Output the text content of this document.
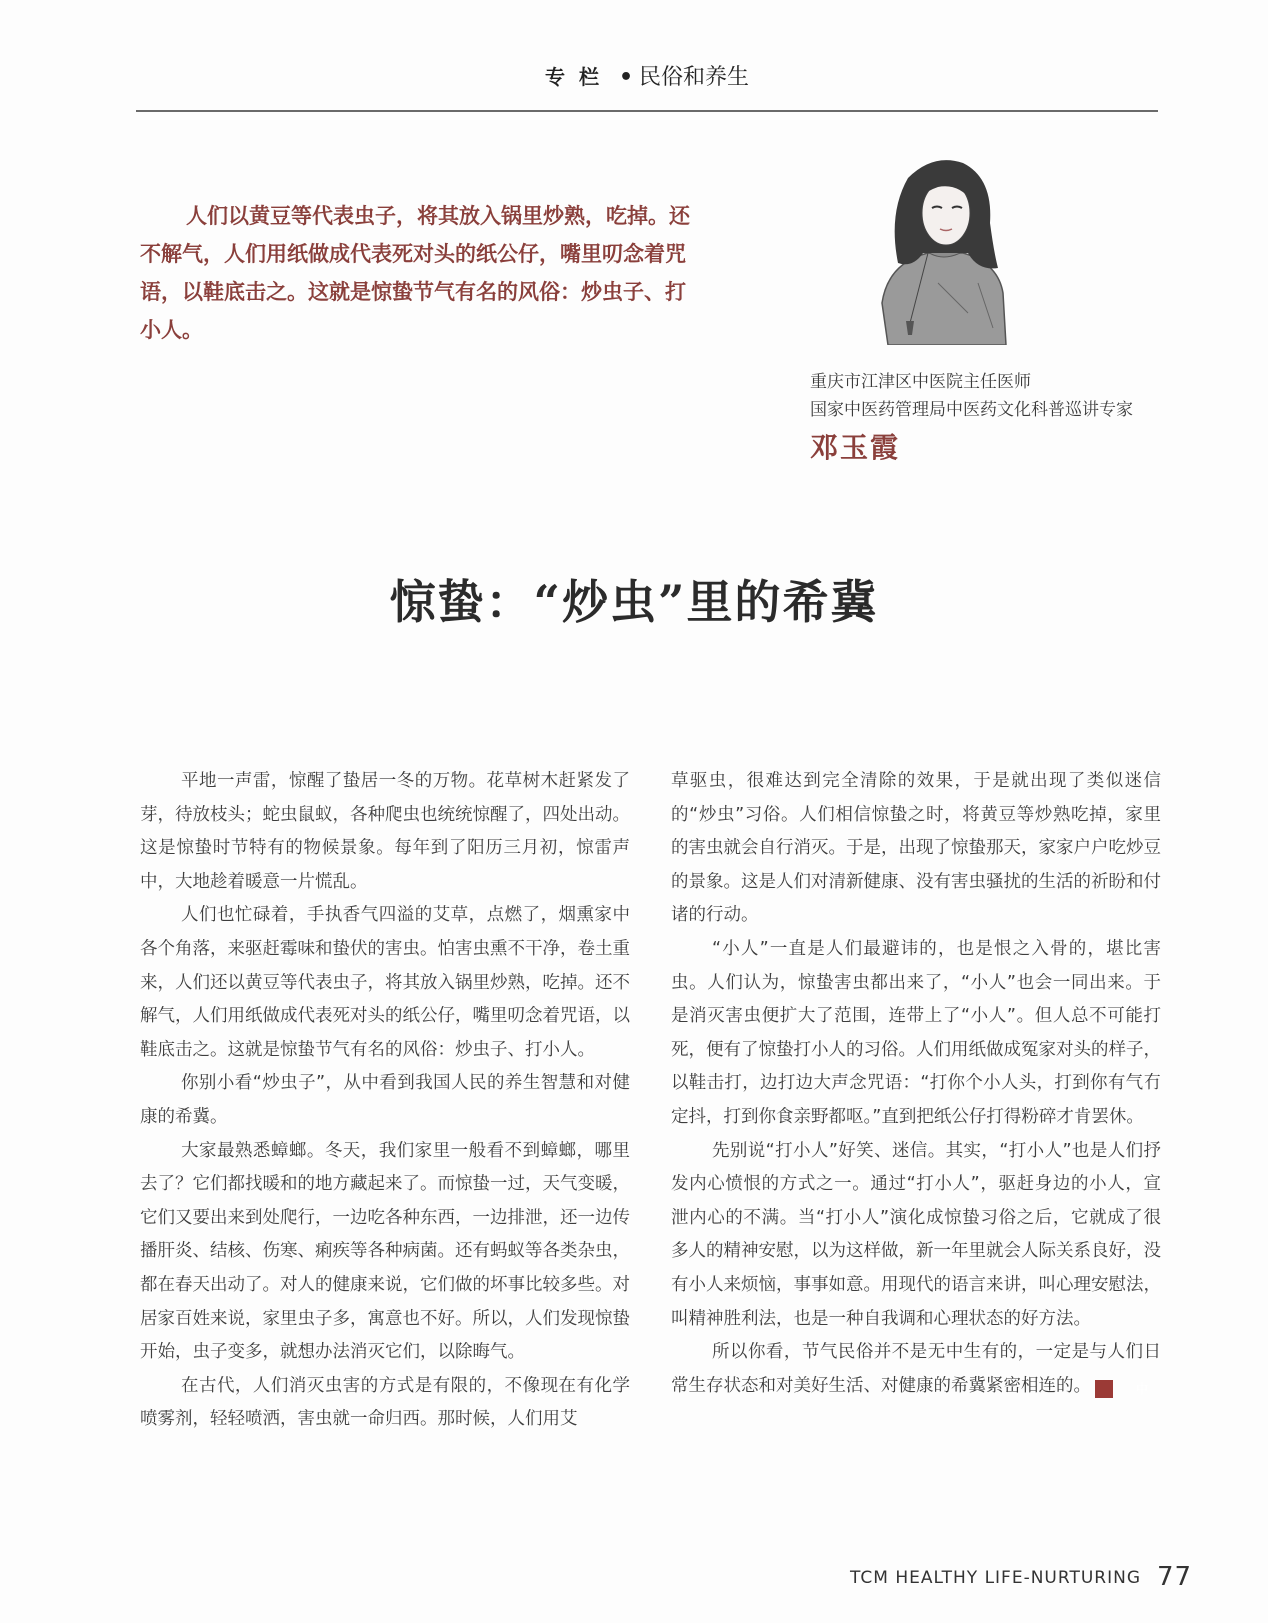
专栏 • 民俗和养生

人们以黄豆等代表虫子，将其放入锅里炒熟，吃掉。还不解气，人们用纸做成代表死对头的纸公仔，嘴里叨念着咒语，以鞋底击之。这就是惊蛰节气有名的风俗：炒虫子、打小人。

重庆市江津区中医院主任医师
国家中医药管理局中医药文化科普巡讲专家
邓玉霞
惊蛰：“炒虫”里的希冀

平地一声雷，惊醒了蛰居一冬的万物。花草树木赶紧发了芽，待放枝头；蛇虫鼠蚁，各种爬虫也统统惊醒了，四处出动。这是惊蛰时节特有的物候景象。每年到了阳历三月初，惊雷声中，大地趁着暖意一片慌乱。

人们也忙碌着，手执香气四溢的艾草，点燃了，烟熏家中各个角落，来驱赶霉味和蛰伏的害虫。怕害虫熏不干净，卷土重来，人们还以黄豆等代表虫子，将其放入锅里炒熟，吃掉。还不解气，人们用纸做成代表死对头的纸公仔，嘴里叨念着咒语，以鞋底击之。这就是惊蛰节气有名的风俗：炒虫子、打小人。

你别小看“炒虫子”，从中看到我国人民的养生智慧和对健康的希冀。

大家最熟悉蟑螂。冬天，我们家里一般看不到蟑螂，哪里去了？它们都找暖和的地方藏起来了。而惊蛰一过，天气变暖，它们又要出来到处爬行，一边吃各种东西，一边排泄，还一边传播肝炎、结核、伤寒、痢疾等各种病菌。还有蚂蚁等各类杂虫，都在春天出动了。对人的健康来说，它们做的坏事比较多些。对居家百姓来说，家里虫子多，寓意也不好。所以，人们发现惊蛰开始，虫子变多，就想办法消灭它们，以除晦气。

在古代，人们消灭虫害的方式是有限的，不像现在有化学喷雾剂，轻轻喷洒，害虫就一命归西。那时候，人们用艾

草驱虫，很难达到完全清除的效果，于是就出现了类似迷信的“炒虫”习俗。人们相信惊蛰之时，将黄豆等炒熟吃掉，家里的害虫就会自行消灭。于是，出现了惊蛰那天，家家户户吃炒豆的景象。这是人们对清新健康、没有害虫骚扰的生活的祈盼和付诸的行动。

“小人”一直是人们最避讳的，也是恨之入骨的，堪比害虫。人们认为，惊蛰害虫都出来了，“小人”也会一同出来。于是消灭害虫便扩大了范围，连带上了“小人”。但人总不可能打死，便有了惊蛰打小人的习俗。人们用纸做成冤家对头的样子，以鞋击打，边打边大声念咒语：“打你个小人头，打到你有气冇定抖，打到你食亲野都呕。”直到把纸公仔打得粉碎才肯罢休。

先别说“打小人”好笑、迷信。其实，“打小人”也是人们抒发内心愤恨的方式之一。通过“打小人”，驱赶身边的小人，宣泄内心的不满。当“打小人”演化成惊蛰习俗之后，它就成了很多人的精神安慰，以为这样做，新一年里就会人际关系良好，没有小人来烦恼，事事如意。用现代的语言来讲，叫心理安慰法，叫精神胜利法，也是一种自我调和心理状态的好方法。

所以你看，节气民俗并不是无中生有的，一定是与人们日常生存状态和对美好生活、对健康的希冀紧密相连的。	中

TCM HEALTHY LIFE-NURTURING 77
